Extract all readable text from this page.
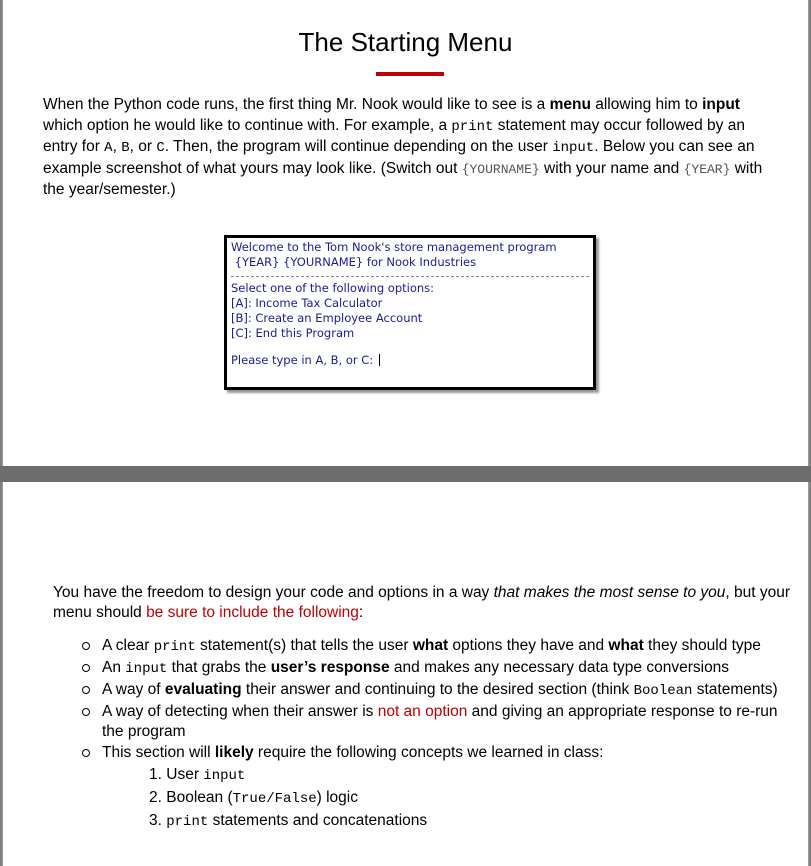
The Starting Menu
When the Python code runs, the first thing Mr. Nook would like to see is a menu allowing him to input which option he would like to continue with. For example, a print statement may occur followed by an entry for A, B, or C. Then, the program will continue depending on the user input. Below you can see an example screenshot of what yours may look like. (Switch out {YOURNAME} with your name and {YEAR} with the year/semester.)
Welcome to the Tom Nook's store management program
{YEAR} {YOURNAME} for Nook Industries
Select one of the following options:
[A]: Income Tax Calculator
[B]: Create an Employee Account
[C]: End this Program
Please type in A, B, or C:
You have the freedom to design your code and options in a way that makes the most sense to you, but your menu should be sure to include the following:
A clear print statement(s) that tells the user what options they have and what they should type
An input that grabs the user’s response and makes any necessary data type conversions
A way of evaluating their answer and continuing to the desired section (think Boolean statements)
A way of detecting when their answer is not an option and giving an appropriate response to re-run the program
This section will likely require the following concepts we learned in class:
1. User input
2. Boolean (True/False) logic
3. print statements and concatenations
